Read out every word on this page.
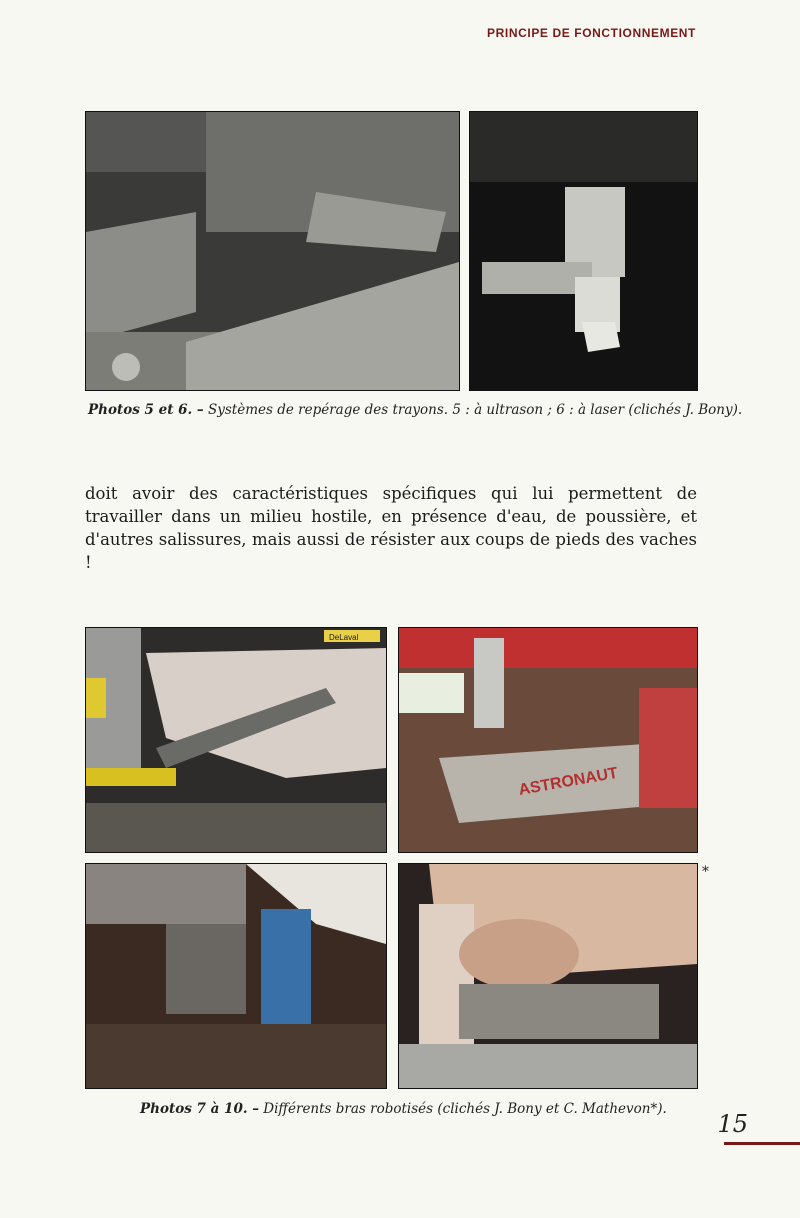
PRINCIPE DE FONCTIONNEMENT
Photos 5 et 6. – Systèmes de repérage des trayons. 5 : à ultrason ; 6 : à laser (clichés J. Bony).
doit avoir des caractéristiques spécifiques qui lui permettent de travailler dans un milieu hostile, en présence d'eau, de poussière, et d'autres salissures, mais aussi de résister aux coups de pieds des vaches !
DeLaval
ASTRONAUT
*
Photos 7 à 10. – Différents bras robotisés (clichés J. Bony et C. Mathevon*).
15
